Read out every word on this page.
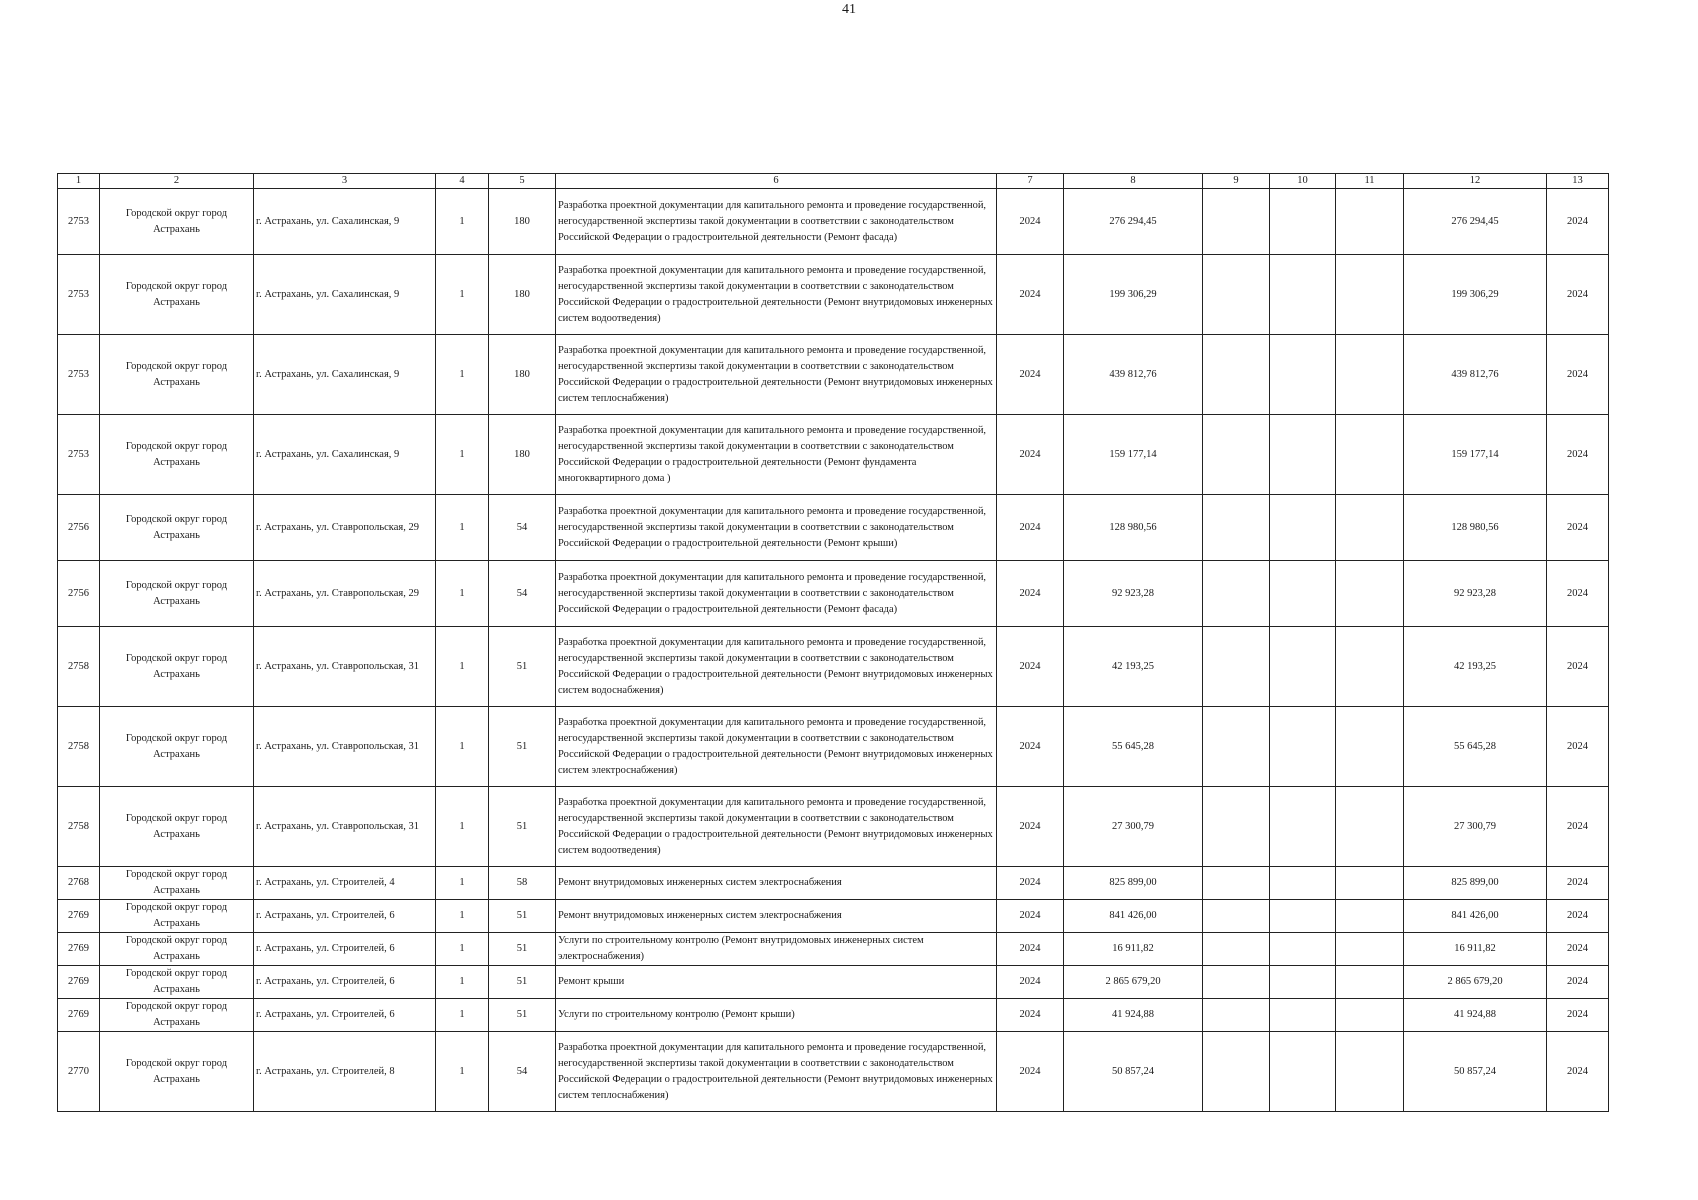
41
1	2	3	4	5	6	7	8	9	10	11	12	13
2753	Городской округ город Астрахань	г. Астрахань, ул. Сахалинская, 9	1	180	Разработка проектной документации для капитального ремонта и проведение государственной, негосударственной экспертизы такой документации в соответствии с законодательством Российской Федерации о градостроительной деятельности (Ремонт фасада)	2024	276 294,45				276 294,45	2024
2753	Городской округ город Астрахань	г. Астрахань, ул. Сахалинская, 9	1	180	Разработка проектной документации для капитального ремонта и проведение государственной, негосударственной экспертизы такой документации в соответствии с законодательством Российской Федерации о градостроительной деятельности (Ремонт внутридомовых инженерных систем водоотведения)	2024	199 306,29				199 306,29	2024
2753	Городской округ город Астрахань	г. Астрахань, ул. Сахалинская, 9	1	180	Разработка проектной документации для капитального ремонта и проведение государственной, негосударственной экспертизы такой документации в соответствии с законодательством Российской Федерации о градостроительной деятельности (Ремонт внутридомовых инженерных систем теплоснабжения)	2024	439 812,76				439 812,76	2024
2753	Городской округ город Астрахань	г. Астрахань, ул. Сахалинская, 9	1	180	Разработка проектной документации для капитального ремонта и проведение государственной, негосударственной экспертизы такой документации в соответствии с законодательством Российской Федерации о градостроительной деятельности (Ремонт фундамента многоквартирного дома )	2024	159 177,14				159 177,14	2024
2756	Городской округ город Астрахань	г. Астрахань, ул. Ставропольская, 29	1	54	Разработка проектной документации для капитального ремонта и проведение государственной, негосударственной экспертизы такой документации в соответствии с законодательством Российской Федерации о градостроительной деятельности (Ремонт крыши)	2024	128 980,56				128 980,56	2024
2756	Городской округ город Астрахань	г. Астрахань, ул. Ставропольская, 29	1	54	Разработка проектной документации для капитального ремонта и проведение государственной, негосударственной экспертизы такой документации в соответствии с законодательством Российской Федерации о градостроительной деятельности (Ремонт фасада)	2024	92 923,28				92 923,28	2024
2758	Городской округ город Астрахань	г. Астрахань, ул. Ставропольская, 31	1	51	Разработка проектной документации для капитального ремонта и проведение государственной, негосударственной экспертизы такой документации в соответствии с законодательством Российской Федерации о градостроительной деятельности (Ремонт внутридомовых инженерных систем водоснабжения)	2024	42 193,25				42 193,25	2024
2758	Городской округ город Астрахань	г. Астрахань, ул. Ставропольская, 31	1	51	Разработка проектной документации для капитального ремонта и проведение государственной, негосударственной экспертизы такой документации в соответствии с законодательством Российской Федерации о градостроительной деятельности (Ремонт внутридомовых инженерных систем электроснабжения)	2024	55 645,28				55 645,28	2024
2758	Городской округ город Астрахань	г. Астрахань, ул. Ставропольская, 31	1	51	Разработка проектной документации для капитального ремонта и проведение государственной, негосударственной экспертизы такой документации в соответствии с законодательством Российской Федерации о градостроительной деятельности (Ремонт внутридомовых инженерных систем водоотведения)	2024	27 300,79				27 300,79	2024
2768	Городской округ город Астрахань	г. Астрахань, ул. Строителей, 4	1	58	Ремонт внутридомовых инженерных систем электроснабжения	2024	825 899,00				825 899,00	2024
2769	Городской округ город Астрахань	г. Астрахань, ул. Строителей, 6	1	51	Ремонт внутридомовых инженерных систем электроснабжения	2024	841 426,00				841 426,00	2024
2769	Городской округ город Астрахань	г. Астрахань, ул. Строителей, 6	1	51	Услуги по строительному контролю (Ремонт внутридомовых инженерных систем электроснабжения)	2024	16 911,82				16 911,82	2024
2769	Городской округ город Астрахань	г. Астрахань, ул. Строителей, 6	1	51	Ремонт крыши	2024	2 865 679,20				2 865 679,20	2024
2769	Городской округ город Астрахань	г. Астрахань, ул. Строителей, 6	1	51	Услуги по строительному контролю (Ремонт крыши)	2024	41 924,88				41 924,88	2024
2770	Городской округ город Астрахань	г. Астрахань, ул. Строителей, 8	1	54	Разработка проектной документации для капитального ремонта и проведение государственной, негосударственной экспертизы такой документации в соответствии с законодательством Российской Федерации о градостроительной деятельности (Ремонт внутридомовых инженерных систем теплоснабжения)	2024	50 857,24				50 857,24	2024
